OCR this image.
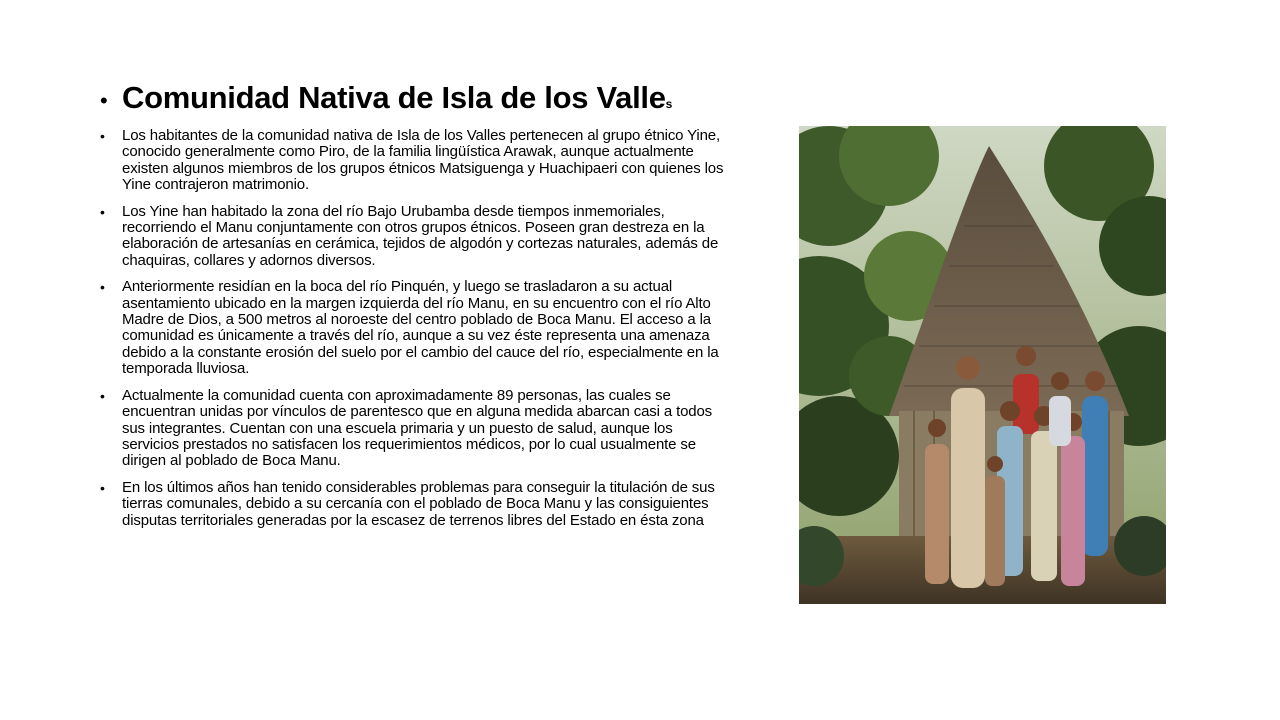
• Comunidad Nativa de Isla de los Valles
•	Los habitantes de la comunidad nativa de Isla de los Valles pertenecen al grupo étnico Yine, conocido generalmente como Piro, de la familia lingüística Arawak, aunque actualmente existen algunos miembros de los grupos étnicos Matsiguenga y Huachipaeri con quienes los Yine contrajeron matrimonio.
•	Los Yine han habitado la zona del río Bajo Urubamba desde tiempos inmemoriales, recorriendo el Manu conjuntamente con otros grupos étnicos. Poseen gran destreza en la elaboración de artesanías en cerámica, tejidos de algodón y cortezas naturales, además de chaquiras, collares y adornos diversos.
•	Anteriormente residían en la boca del río Pinquén, y luego se trasladaron a su actual asentamiento ubicado en la margen izquierda del río Manu, en su encuentro con el río Alto Madre de Dios, a 500 metros al noroeste del centro poblado de Boca Manu. El acceso a la comunidad es únicamente a través del río, aunque a su vez éste representa una amenaza debido a la constante erosión del suelo por el cambio del cauce del río, especialmente en la temporada lluviosa.
•	Actualmente la comunidad cuenta con aproximadamente 89 personas, las cuales se encuentran unidas por vínculos de parentesco que en alguna medida abarcan casi a todos sus integrantes. Cuentan con una escuela primaria y un puesto de salud, aunque los servicios prestados no satisfacen los requerimientos médicos, por lo cual usualmente se dirigen al poblado de Boca Manu.
•	En los últimos años han tenido considerables problemas para conseguir la titulación de sus tierras comunales, debido a su cercanía con el poblado de Boca Manu y las consiguientes disputas territoriales generadas por la escasez de terrenos libres del Estado en ésta zona
